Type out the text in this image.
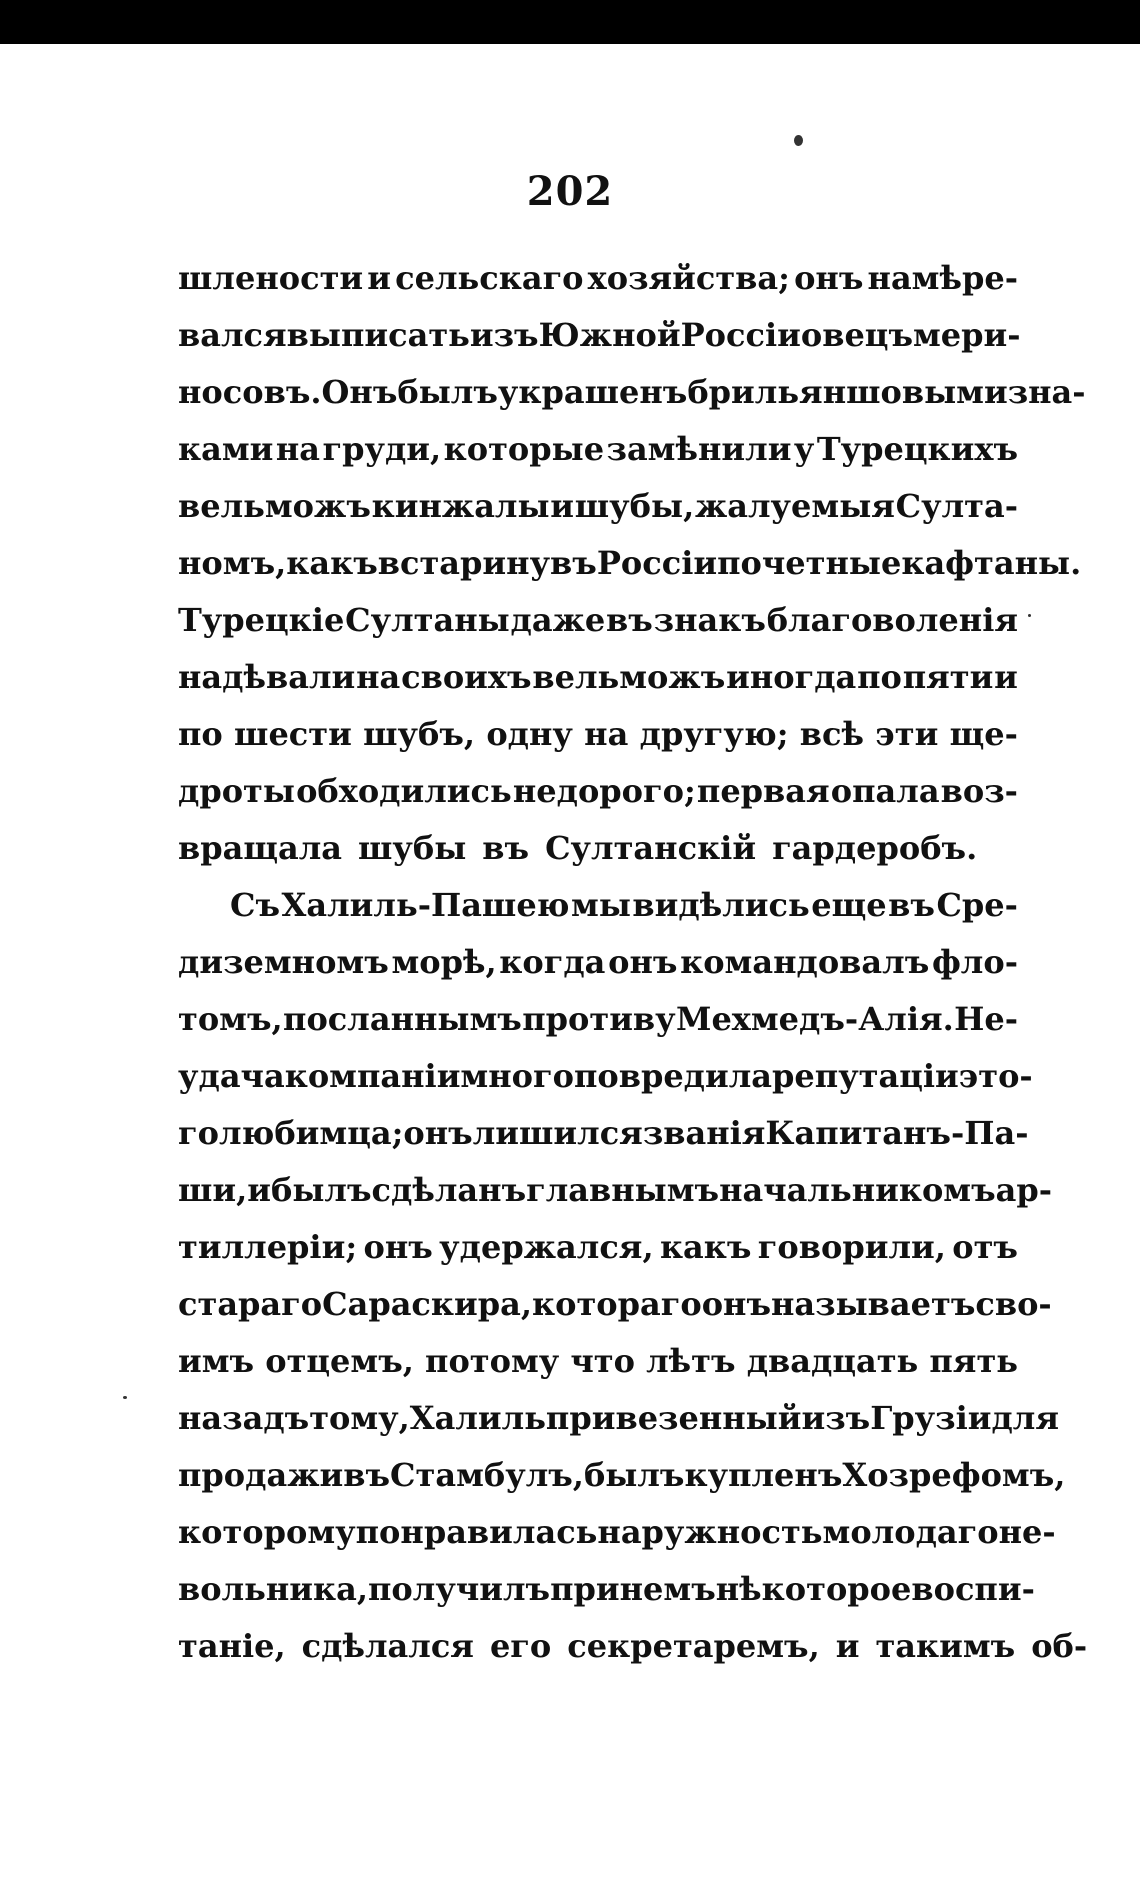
202
шлености и сельскаго хозяйства; онъ намѣре-
вался выписать изъ Южной Россіи овецъ мери-
носовъ. Онъ былъ украшенъ брильяншовыми зна-
ками на груди, которые замѣнили у Турецкихъ
вельможъ кинжалы и шубы, жалуемыя Султа-
номъ, какъ встарину въ Россіи почетные кафтаны.
Турецкіе Султаны даже въ знакъ благоволенія
надѣвали на своихъ вельможъ иногда по пяти и
по шести шубъ, одну на другую; всѣ эти ще-
дроты обходились недорого; первая опала воз-
вращала шубы въ Султанскій гардеробъ.
Съ Халиль-Пашею мы видѣлись еще въ Сре-
диземномъ морѣ, когда онъ командовалъ фло-
томъ, посланнымъ противу Мехмедъ-Алія. Не-
удача компаніи много повредила репутаціи это-
го любимца; онъ лишился званія Капитанъ-Па-
ши, и былъ сдѣланъ главнымъ начальникомъ ар-
тиллеріи; онъ удержался, какъ говорили, отъ
стараго Сараскира, котораго онъ называетъ сво-
имъ отцемъ, потому что лѣтъ двадцать пять
назадъ тому, Халиль привезенный изъ Грузіи для
продажи въ Стамбулъ, былъ купленъ Хозрефомъ,
которому понравилась наружность молодаго не-
вольника, получилъ при немъ нѣкоторое воспи-
таніе, сдѣлался его секретаремъ, и такимъ об-
